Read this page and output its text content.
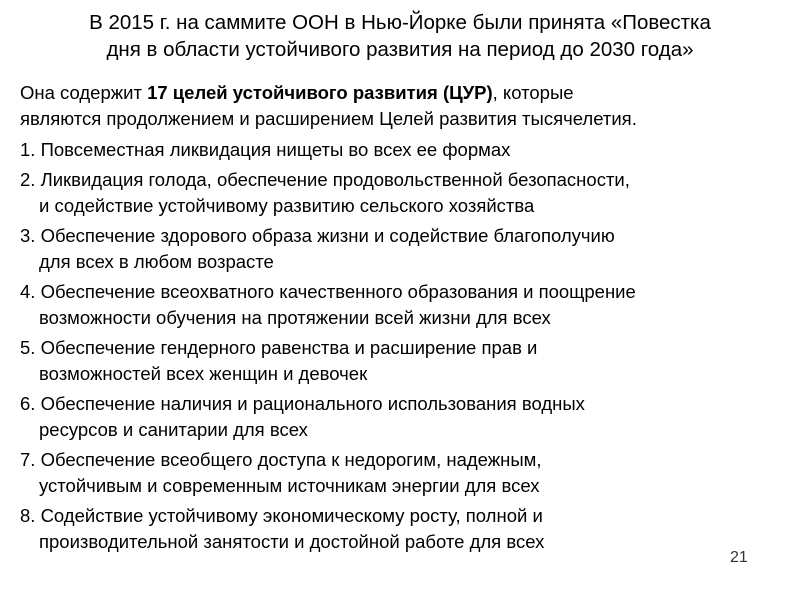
В 2015 г. на саммите ООН в Нью-Йорке были принята «Повестка
дня в области устойчивого развития на период до 2030 года»

Она содержит 17 целей устойчивого развития (ЦУР), которые
являются продолжением и расширением Целей развития тысячелетия.

1. Повсеместная ликвидация нищеты во всех ее формах

2. Ликвидация голода, обеспечение продовольственной безопасности,
и содействие устойчивому развитию сельского хозяйства

3. Обеспечение здорового образа жизни и содействие благополучию
для всех в любом возрасте

4. Обеспечение всеохватного качественного образования и поощрение
возможности обучения на протяжении всей жизни для всех

5. Обеспечение гендерного равенства и расширение прав и
возможностей всех женщин и девочек

6. Обеспечение наличия и рационального использования водных
ресурсов и санитарии для всех

7. Обеспечение всеобщего доступа к недорогим, надежным,
устойчивым и современным источникам энергии для всех

8. Содействие устойчивому экономическому росту, полной и
производительной занятости и достойной работе для всех

21
